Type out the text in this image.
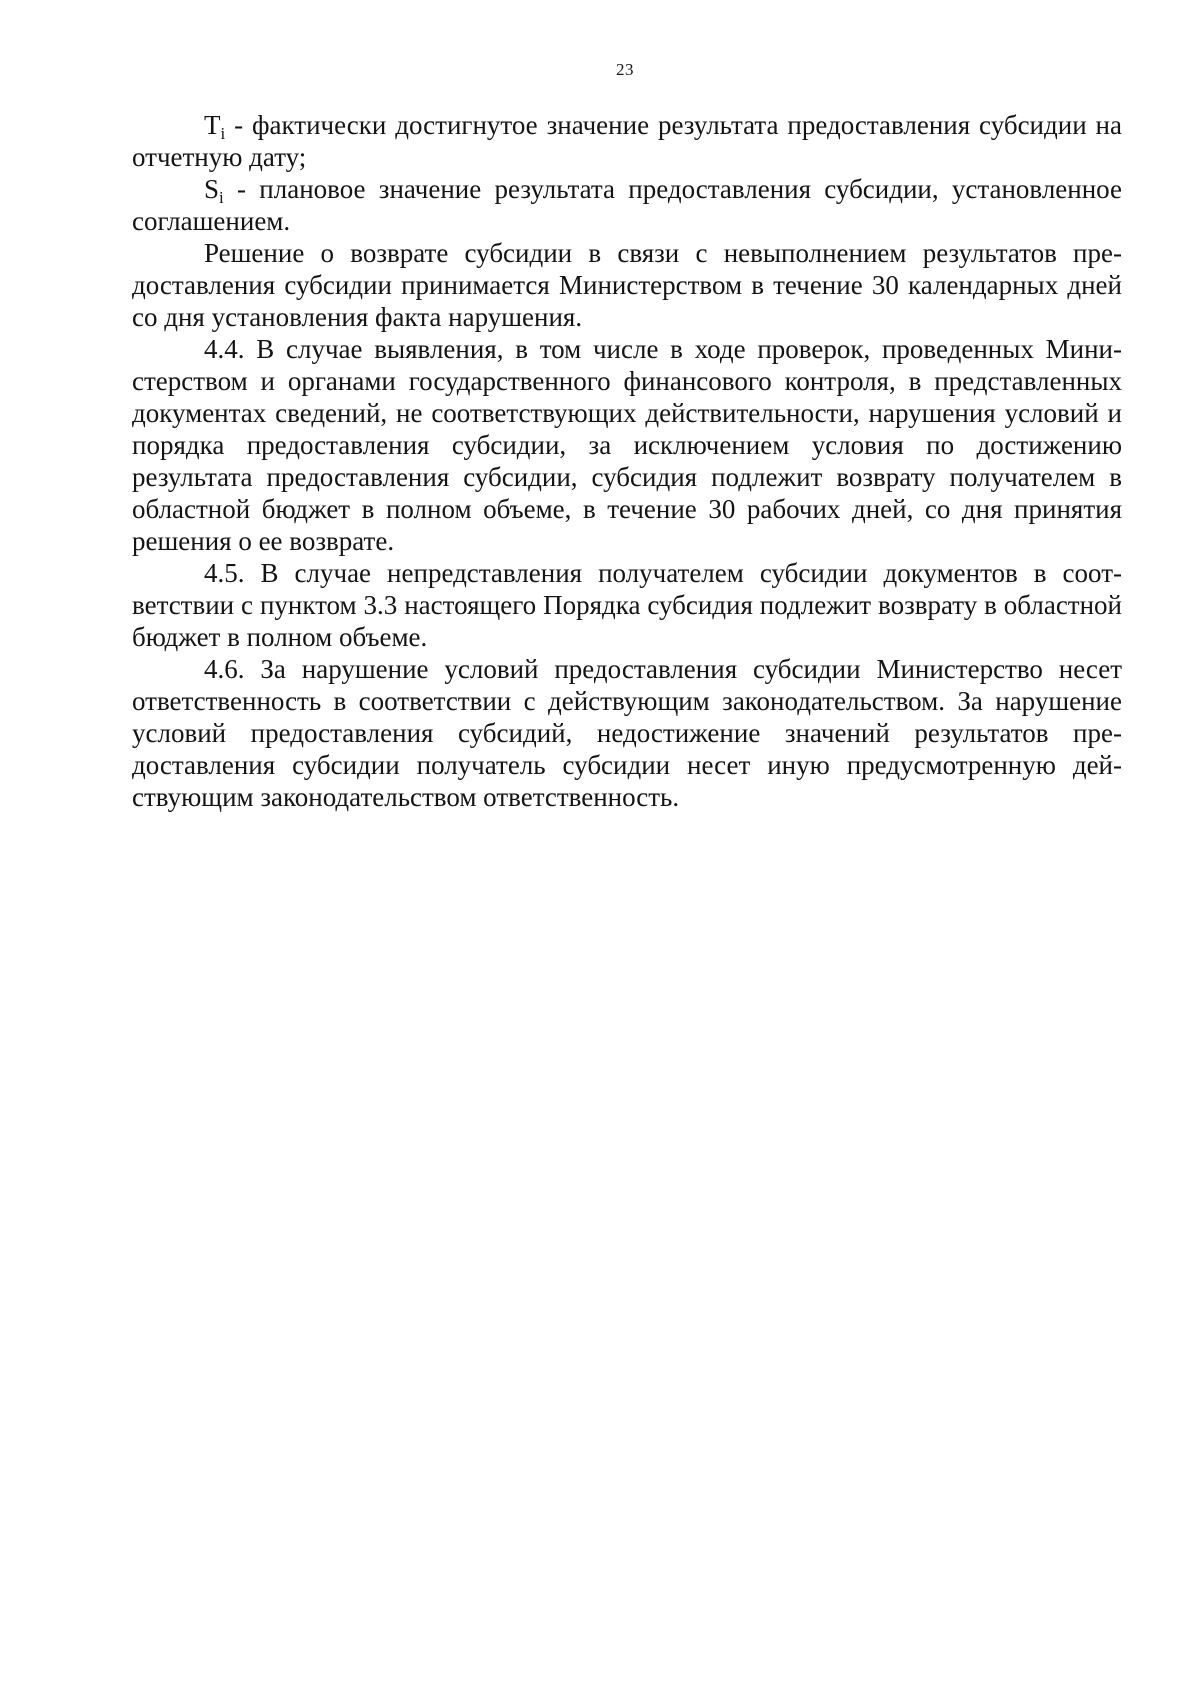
23

$T_i$ - фактически достигнутое значение результата предоставления субсидии на отчетную дату;

$S_i$ - плановое значение результата предоставления субсидии, установленное соглашением.

Решение о возврате субсидии в связи с невыполнением результатов предоставления субсидии принимается Министерством в течение 30 календарных дней со дня установления факта нарушения.

4.4. В случае выявления, в том числе в ходе проверок, проведенных Министерством и органами государственного финансового контроля, в представленных документах сведений, не соответствующих действительности, нарушения условий и порядка предоставления субсидии, за исключением условия по достижению результата предоставления субсидии, субсидия подлежит возврату получателем в областной бюджет в полном объеме, в течение 30 рабочих дней, со дня принятия решения о ее возврате.

4.5. В случае непредставления получателем субсидии документов в соответствии с пунктом 3.3 настоящего Порядка субсидия подлежит возврату в областной бюджет в полном объеме.

4.6. За нарушение условий предоставления субсидии Министерство несет ответственность в соответствии с действующим законодательством. За нарушение условий предоставления субсидий, недостижение значений результатов предоставления субсидии получатель субсидии несет иную предусмотренную действующим законодательством ответственность.
